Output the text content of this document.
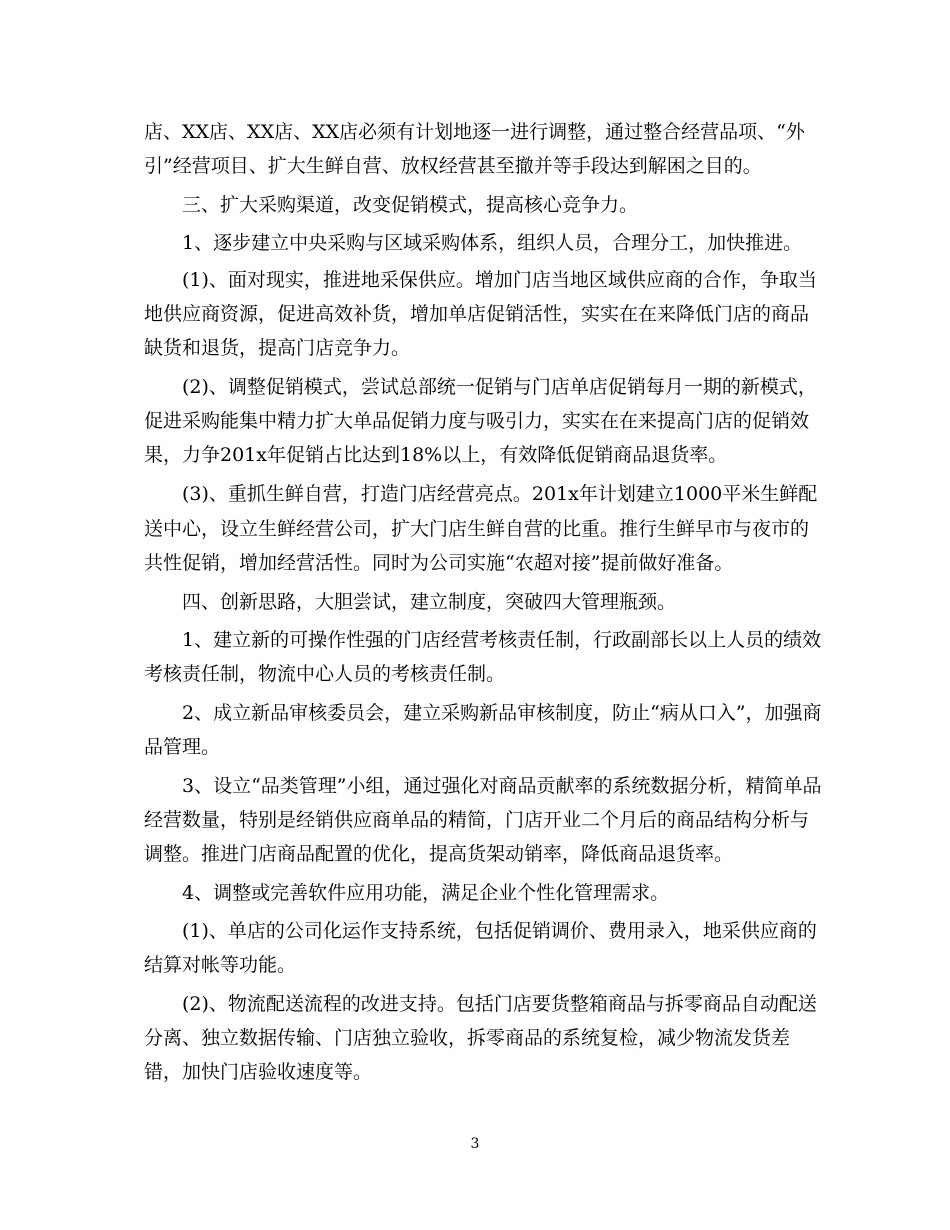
店、XX店、XX店、XX店必须有计划地逐一进行调整，通过整合经营品项、“外
引”经营项目、扩大生鲜自营、放权经营甚至撤并等手段达到解困之目的。
三、扩大采购渠道，改变促销模式，提高核心竞争力。
1、逐步建立中央采购与区域采购体系，组织人员，合理分工，加快推进。
(1)、面对现实，推进地采保供应。增加门店当地区域供应商的合作，争取当
地供应商资源，促进高效补货，增加单店促销活性，实实在在来降低门店的商品
缺货和退货，提高门店竞争力。
(2)、调整促销模式，尝试总部统一促销与门店单店促销每月一期的新模式，
促进采购能集中精力扩大单品促销力度与吸引力，实实在在来提高门店的促销效
果，力争201x年促销占比达到18%以上，有效降低促销商品退货率。
(3)、重抓生鲜自营，打造门店经营亮点。201x年计划建立1000平米生鲜配
送中心，设立生鲜经营公司，扩大门店生鲜自营的比重。推行生鲜早市与夜市的
共性促销，增加经营活性。同时为公司实施“农超对接”提前做好准备。
四、创新思路，大胆尝试，建立制度，突破四大管理瓶颈。
1、建立新的可操作性强的门店经营考核责任制，行政副部长以上人员的绩效
考核责任制，物流中心人员的考核责任制。
2、成立新品审核委员会，建立采购新品审核制度，防止“病从口入”，加强商
品管理。
3、设立“品类管理”小组，通过强化对商品贡献率的系统数据分析，精简单品
经营数量，特别是经销供应商单品的精简，门店开业二个月后的商品结构分析与
调整。推进门店商品配置的优化，提高货架动销率，降低商品退货率。
4、调整或完善软件应用功能，满足企业个性化管理需求。
(1)、单店的公司化运作支持系统，包括促销调价、费用录入，地采供应商的
结算对帐等功能。
(2)、物流配送流程的改进支持。包括门店要货整箱商品与拆零商品自动配送
分离、独立数据传输、门店独立验收，拆零商品的系统复检，减少物流发货差
错，加快门店验收速度等。
3
